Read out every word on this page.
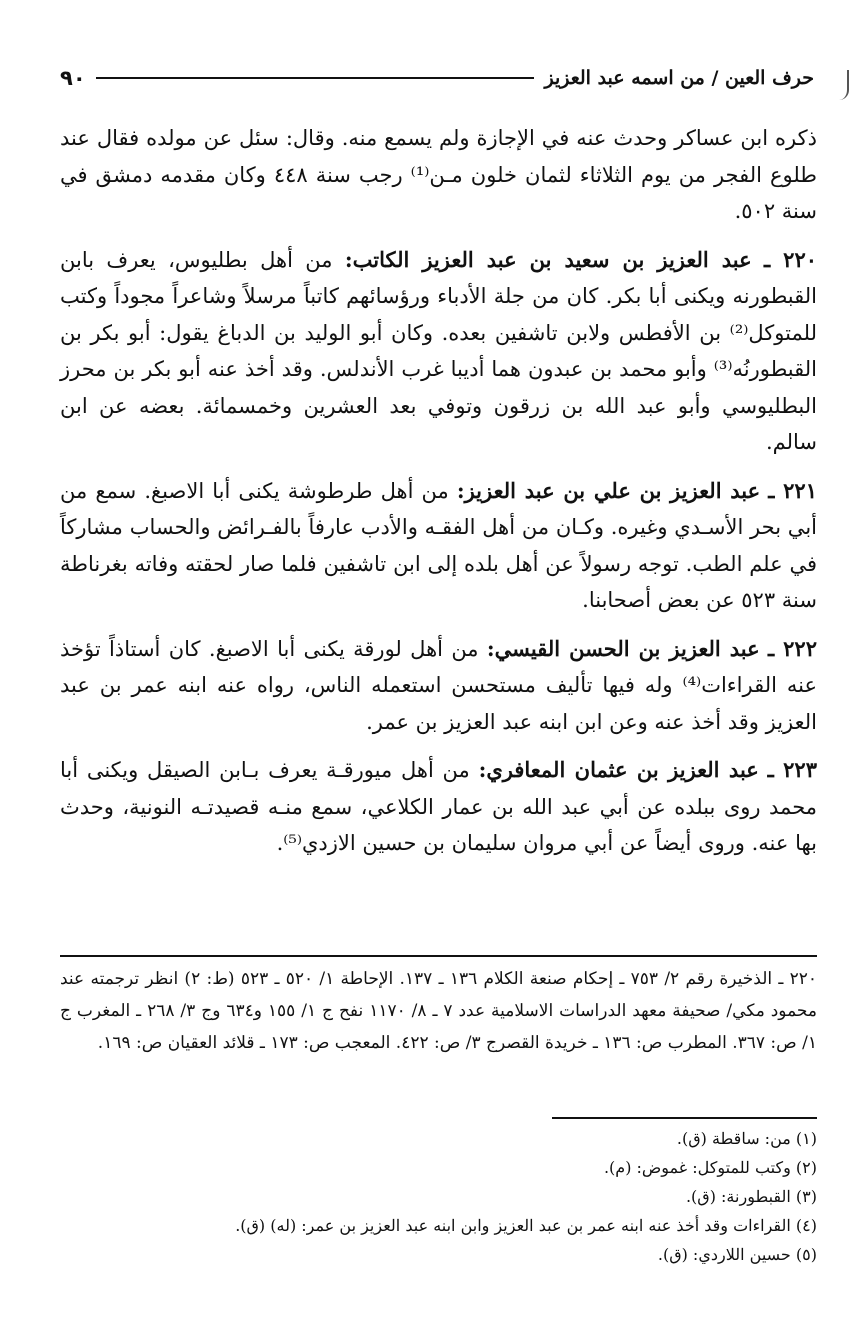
حرف العين / من اسمه عبد العزيز
٩٠

ذكره ابن عساكر وحدث عنه في الإجازة ولم يسمع منه. وقال: سئل عن مولده فقال عند طلوع الفجر من يوم الثلاثاء لثمان خلون مـن⁽¹⁾ رجب سنة ٤٤٨ وكان مقدمه دمشق في سنة ٥٠٢.

٢٢٠ ـ عبد العزيز بن سعيد بن عبد العزيز الكاتب: من أهل بطليوس، يعرف بابن القبطورنه ويكنى أبا بكر. كان من جلة الأدباء ورؤسائهم كاتباً مرسلاً وشاعراً مجوداً وكتب للمتوكل⁽²⁾ بن الأفطس ولابن تاشفين بعده. وكان أبو الوليد بن الدباغ يقول: أبو بكر بن القبطورنُه⁽³⁾ وأبو محمد بن عبدون هما أديبا غرب الأندلس. وقد أخذ عنه أبو بكر بن محرز البطليوسي وأبو عبد الله بن زرقون وتوفي بعد العشرين وخمسمائة. بعضه عن ابن سالم.

٢٢١ ـ عبد العزيز بن علي بن عبد العزيز: من أهل طرطوشة يكنى أبا الاصبغ. سمع من أبي بحر الأسـدي وغيره. وكـان من أهل الفقـه والأدب عارفاً بالفـرائض والحساب مشاركاً في علم الطب. توجه رسولاً عن أهل بلده إلى ابن تاشفين فلما صار لحقته وفاته بغرناطة سنة ٥٢٣ عن بعض أصحابنا.

٢٢٢ ـ عبد العزيز بن الحسن القيسي: من أهل لورقة يكنى أبا الاصبغ. كان أستاذاً تؤخذ عنه القراءات⁽⁴⁾ وله فيها تأليف مستحسن استعمله الناس، رواه عنه ابنه عمر بن عبد العزيز وقد أخذ عنه وعن ابن ابنه عبد العزيز بن عمر.

٢٢٣ ـ عبد العزيز بن عثمان المعافري: من أهل ميورقـة يعرف بـابن الصيقل ويكنى أبا محمد روى ببلده عن أبي عبد الله بن عمار الكلاعي، سمع منـه قصيدتـه النونية، وحدث بها عنه. وروى أيضاً عن أبي مروان سليمان بن حسين الازدي⁽⁵⁾.

٢٢٠ ـ الذخيرة رقم ٢/ ٧٥٣ ـ إحكام صنعة الكلام ١٣٦ ـ ١٣٧. الإحاطة ١/ ٥٢٠ ـ ٥٢٣ (ط: ٢) انظر ترجمته عند محمود مكي/ صحيفة معهد الدراسات الاسلامية عدد ٧ ـ ٨/ ١١٧٠ نفح ج ١/ ١٥٥ و٦٣٤ وج ٣/ ٢٦٨ ـ المغرب ج ١/ ص: ٣٦٧. المطرب ص: ١٣٦ ـ خريدة القصرج ٣/ ص: ٤٢٢. المعجب ص: ١٧٣ ـ قلائد العقيان ص: ١٦٩.

(١) من: ساقطة (ق).
(٢) وكتب للمتوكل: غموض: (م).
(٣) القبطورنة: (ق).
(٤) القراءات وقد أخذ عنه ابنه عمر بن عبد العزيز وابن ابنه عبد العزيز بن عمر: (له) (ق).
(٥) حسين اللاردي: (ق).
